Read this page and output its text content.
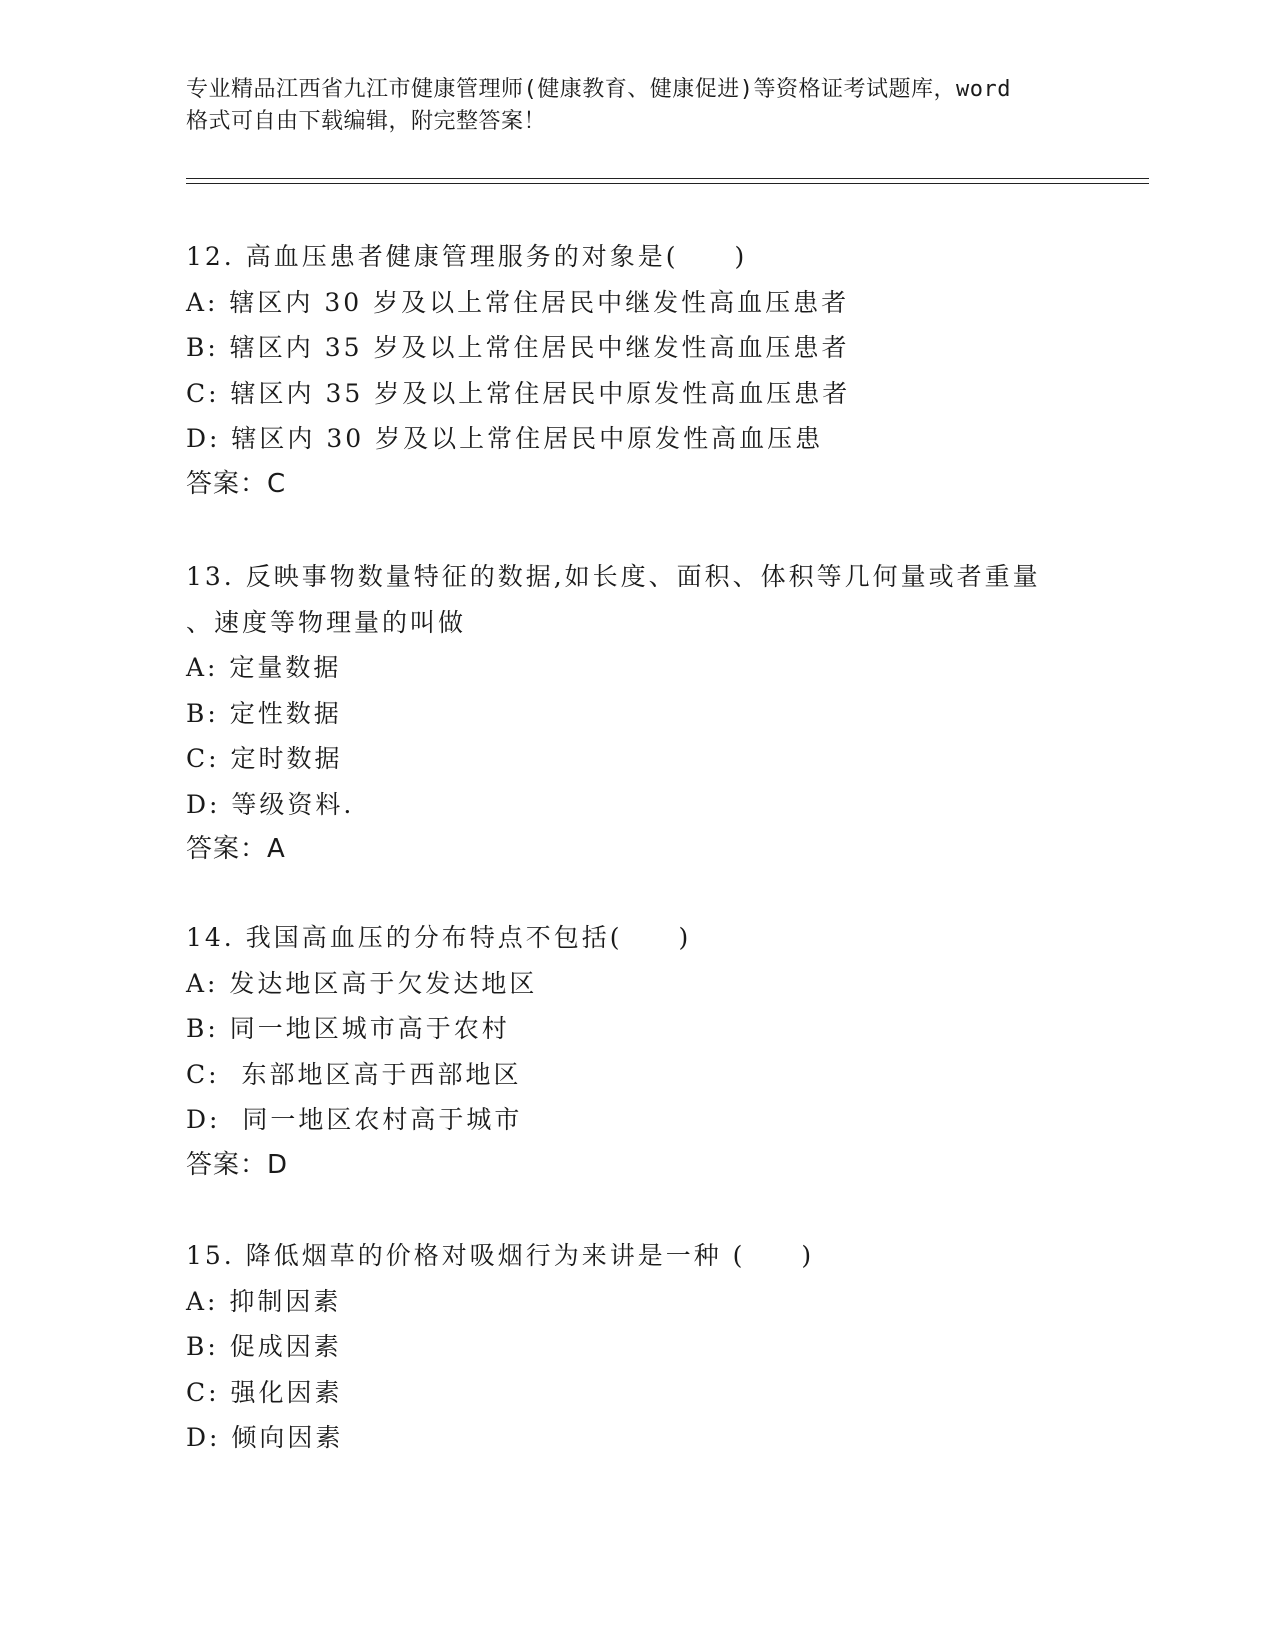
专业精品江西省九江市健康管理师(健康教育、健康促进)等资格证考试题库，word
格式可自由下载编辑，附完整答案！
12. 高血压患者健康管理服务的对象是(　　)
A: 辖区内 30 岁及以上常住居民中继发性高血压患者
B: 辖区内 35 岁及以上常住居民中继发性高血压患者
C: 辖区内 35 岁及以上常住居民中原发性高血压患者
D: 辖区内 30 岁及以上常住居民中原发性高血压患
答案：C
13. 反映事物数量特征的数据,如长度、面积、体积等几何量或者重量
、速度等物理量的叫做
A: 定量数据
B: 定性数据
C: 定时数据
D: 等级资料.
答案：A
14. 我国高血压的分布特点不包括(　　)
A: 发达地区高于欠发达地区
B: 同一地区城市高于农村
C:  东部地区高于西部地区
D:  同一地区农村高于城市
答案：D
15. 降低烟草的价格对吸烟行为来讲是一种 (　　)
A: 抑制因素
B: 促成因素
C: 强化因素
D: 倾向因素
